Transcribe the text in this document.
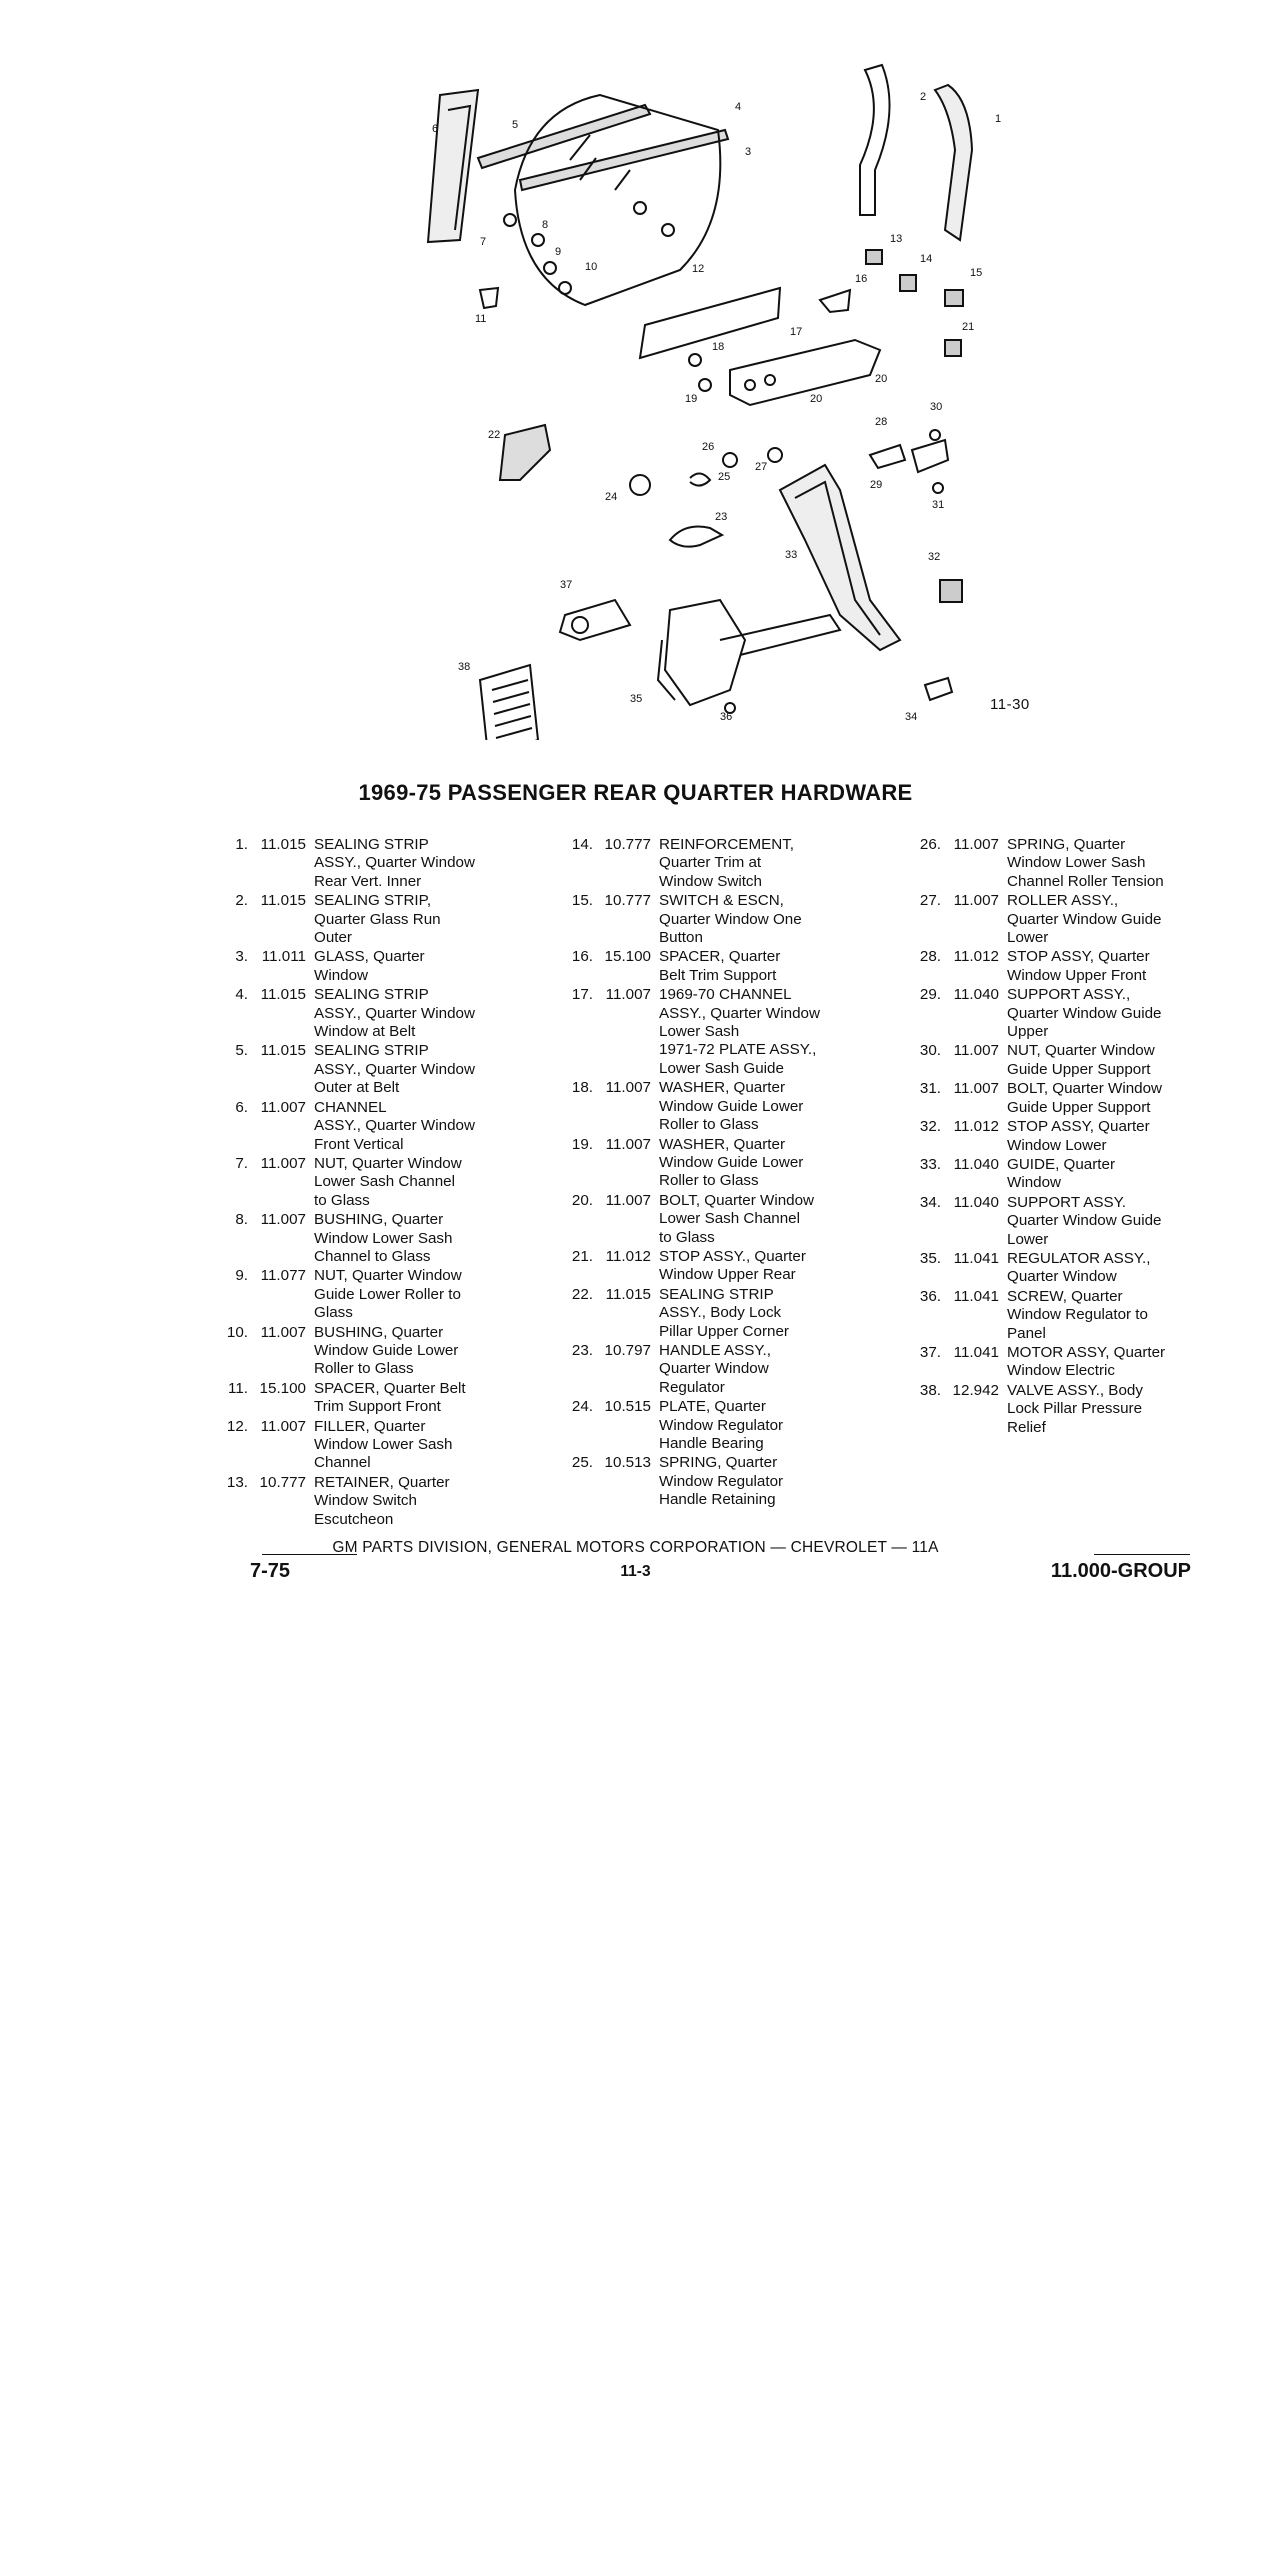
1
2
3
4
5
6
7
8
9
10
11
12
13
14
15
16
17
18
19
20
20
21
22
23
24
25
26
27
28
29
30
31
32
33
34
35
36
37
38
11-30
1969-75 PASSENGER REAR QUARTER HARDWARE
1. 11.015 SEALING STRIP
ASSY., Quarter Window
Rear Vert. Inner
2. 11.015 SEALING STRIP,
Quarter Glass Run
Outer
3. 11.011 GLASS, Quarter
Window
4. 11.015 SEALING STRIP
ASSY., Quarter Window
Window at Belt
5. 11.015 SEALING STRIP
ASSY., Quarter Window
Outer at Belt
6. 11.007 CHANNEL
ASSY., Quarter Window
Front Vertical
7. 11.007 NUT, Quarter Window
Lower Sash Channel
to Glass
8. 11.007 BUSHING, Quarter
Window Lower Sash
Channel to Glass
9. 11.077 NUT, Quarter Window
Guide Lower Roller to
Glass
10. 11.007 BUSHING, Quarter
Window Guide Lower
Roller to Glass
11. 15.100 SPACER, Quarter Belt
Trim Support Front
12. 11.007 FILLER, Quarter
Window Lower Sash
Channel
13. 10.777 RETAINER, Quarter
Window Switch
Escutcheon
14. 10.777 REINFORCEMENT,
Quarter Trim at
Window Switch
15. 10.777 SWITCH & ESCN,
Quarter Window One
Button
16. 15.100 SPACER, Quarter
Belt Trim Support
17. 11.007 1969-70 CHANNEL
ASSY., Quarter Window
Lower Sash
1971-72 PLATE ASSY.,
Lower Sash Guide
18. 11.007 WASHER, Quarter
Window Guide Lower
Roller to Glass
19. 11.007 WASHER, Quarter
Window Guide Lower
Roller to Glass
20. 11.007 BOLT, Quarter Window
Lower Sash Channel
to Glass
21. 11.012 STOP ASSY., Quarter
Window Upper Rear
22. 11.015 SEALING STRIP
ASSY., Body Lock
Pillar Upper Corner
23. 10.797 HANDLE ASSY.,
Quarter Window
Regulator
24. 10.515 PLATE, Quarter
Window Regulator
Handle Bearing
25. 10.513 SPRING, Quarter
Window Regulator
Handle Retaining
26. 11.007 SPRING, Quarter
Window Lower Sash
Channel Roller Tension
27. 11.007 ROLLER ASSY.,
Quarter Window Guide
Lower
28. 11.012 STOP ASSY, Quarter
Window Upper Front
29. 11.040 SUPPORT ASSY.,
Quarter Window Guide
Upper
30. 11.007 NUT, Quarter Window
Guide Upper Support
31. 11.007 BOLT, Quarter Window
Guide Upper Support
32. 11.012 STOP ASSY, Quarter
Window Lower
33. 11.040 GUIDE, Quarter
Window
34. 11.040 SUPPORT ASSY.
Quarter Window Guide
Lower
35. 11.041 REGULATOR ASSY.,
Quarter Window
36. 11.041 SCREW, Quarter
Window Regulator to
Panel
37. 11.041 MOTOR ASSY, Quarter
Window Electric
38. 12.942 VALVE ASSY., Body
Lock Pillar Pressure
Relief
GM PARTS DIVISION, GENERAL MOTORS CORPORATION — CHEVROLET — 11A
7-75	11-3	11.000-GROUP
